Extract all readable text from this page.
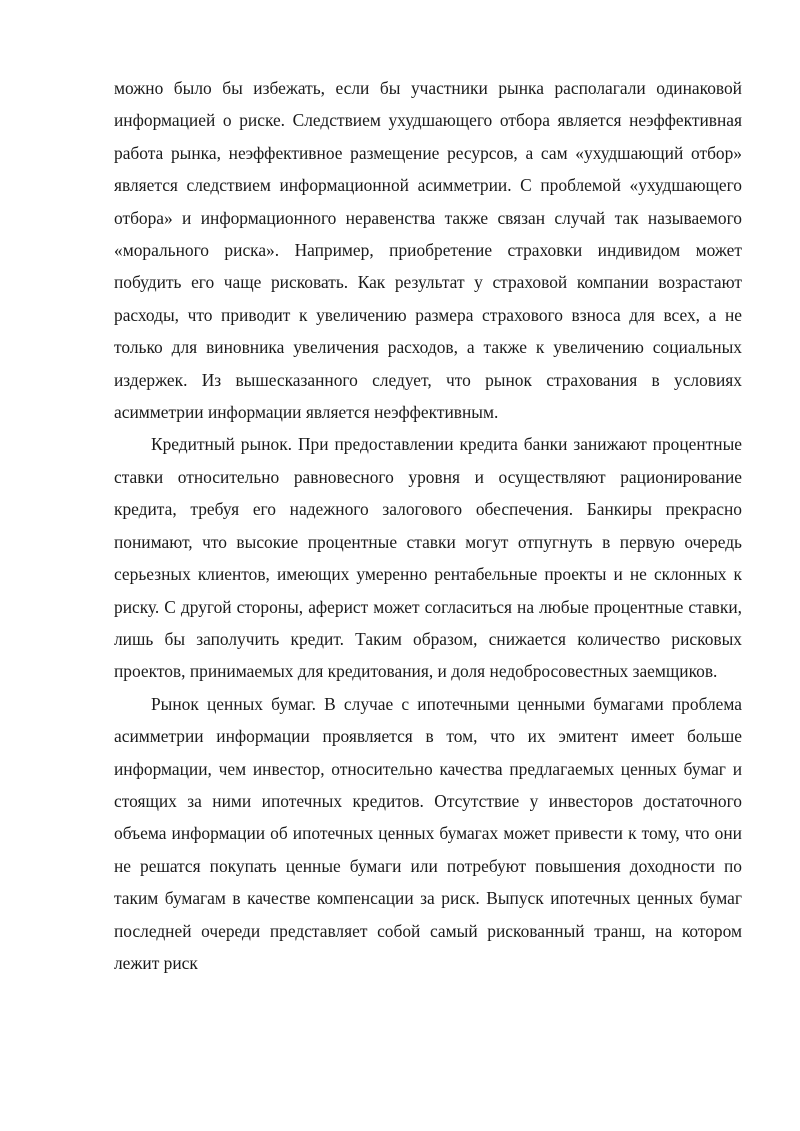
можно было бы избежать, если бы участники рынка располагали одинаковой информацией о риске. Следствием ухудшающего отбора является неэффективная работа рынка, неэффективное размещение ресурсов, а сам «ухудшающий отбор» является следствием информационной асимметрии. С проблемой «ухудшающего отбора» и информационного неравенства также связан случай так называемого «морального риска». Например, приобретение страховки индивидом может побудить его чаще рисковать. Как результат у страховой компании возрастают расходы, что приводит к увеличению размера страхового взноса для всех, а не только для виновника увеличения расходов, а также к увеличению социальных издержек. Из вышесказанного следует, что рынок страхования в условиях асимметрии информации является неэффективным.

Кредитный рынок. При предоставлении кредита банки занижают процентные ставки относительно равновесного уровня и осуществляют рационирование кредита, требуя его надежного залогового обеспечения. Банкиры прекрасно понимают, что высокие процентные ставки могут отпугнуть в первую очередь серьезных клиентов, имеющих умеренно рентабельные проекты и не склонных к риску. С другой стороны, аферист может согласиться на любые процентные ставки, лишь бы заполучить кредит. Таким образом, снижается количество рисковых проектов, принимаемых для кредитования, и доля недобросовестных заемщиков.

Рынок ценных бумаг. В случае с ипотечными ценными бумагами проблема асимметрии информации проявляется в том, что их эмитент имеет больше информации, чем инвестор, относительно качества предлагаемых ценных бумаг и стоящих за ними ипотечных кредитов. Отсутствие у инвесторов достаточного объема информации об ипотечных ценных бумагах может привести к тому, что они не решатся покупать ценные бумаги или потребуют повышения доходности по таким бумагам в качестве компенсации за риск. Выпуск ипотечных ценных бумаг последней очереди представляет собой самый рискованный транш, на котором лежит риск
